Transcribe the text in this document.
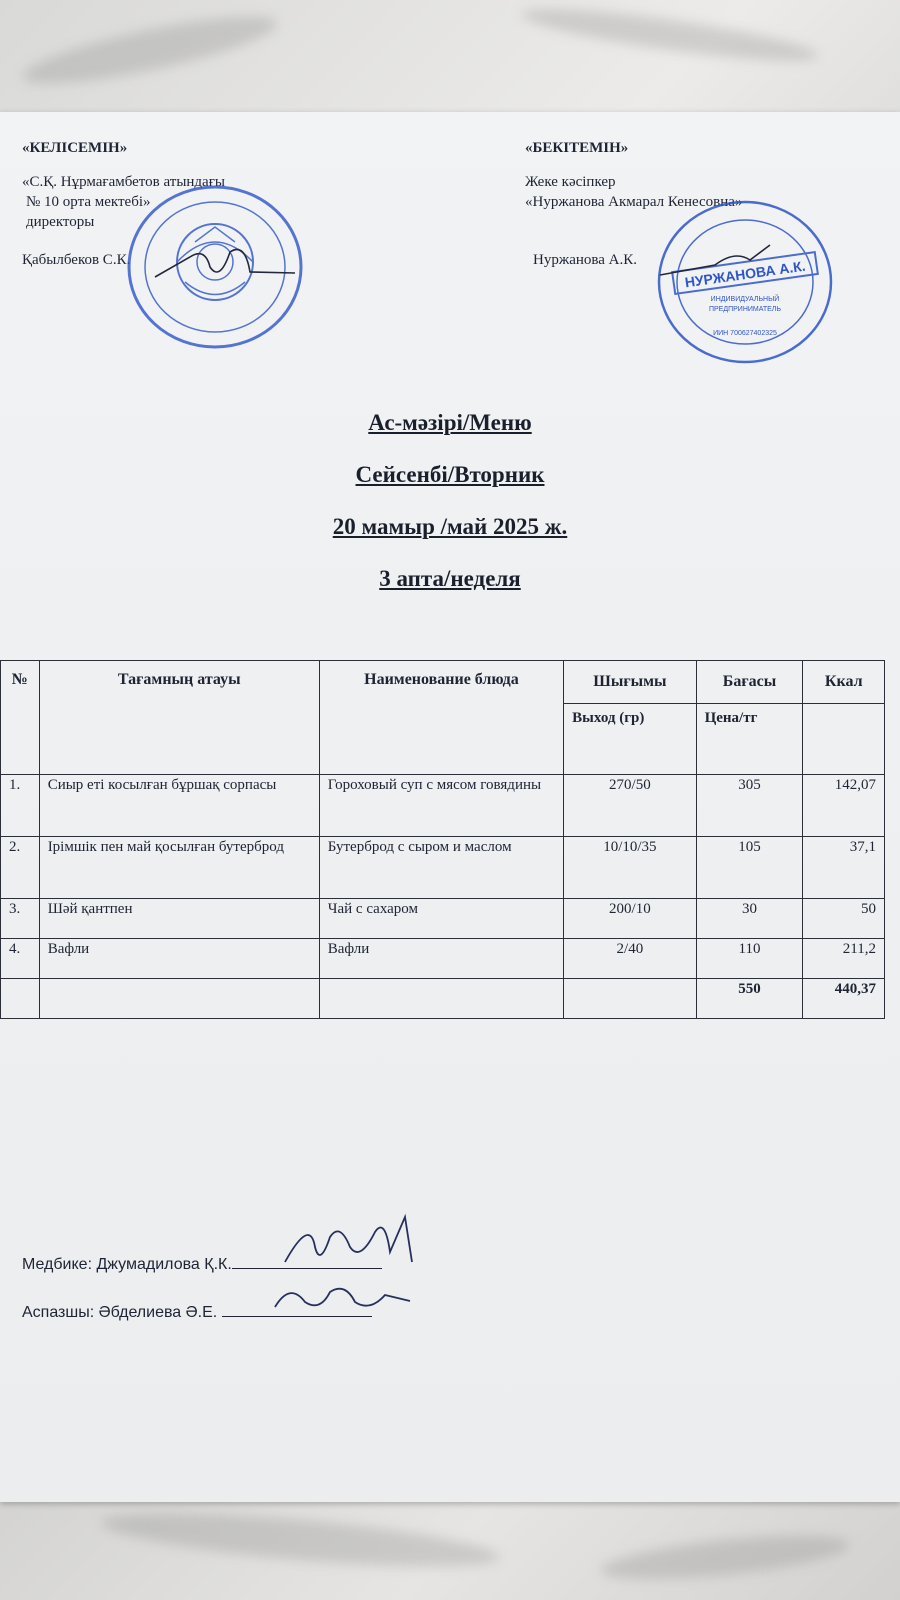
«КЕЛІСЕМІН»
«С.Қ. Нұрмағамбетов атындағы
№ 10 орта мектебі»
директоры
Қабылбеков С.К.
«БЕКІТЕМІН»
Жеке кәсіпкер
«Нуржанова Акмарал Кенесовна»
Нуржанова А.К.	НУРЖАНОВА А.К.
ИНДИВИДУАЛЬНЫЙ
ПРЕДПРИНИМАТЕЛЬ
ИИН 700627402325
Ас-мәзірі/Меню
Сейсенбі/Вторник
20 мамыр /май 2025 ж.
3 апта/неделя
№	Тағамның атауы	Наименование блюда	Шығымы	Бағасы	Ккал
			Выход (гр)	Цена/тг	
1.	Сиыр еті косылған бұршақ сорпасы	Гороховый суп с мясом говядины	270/50	305	142,07
2.	Ірімшік пен май қосылған бутерброд	Бутерброд с сыром и маслом	10/10/35	105	37,1
3.	Шәй қантпен	Чай с сахаром	200/10	30	50
4.	Вафли	Вафли	2/40	110	211,2
				550	440,37
Медбике: Джумадилова Қ.К.
Аспазшы: Әбделиева Ә.Е.
